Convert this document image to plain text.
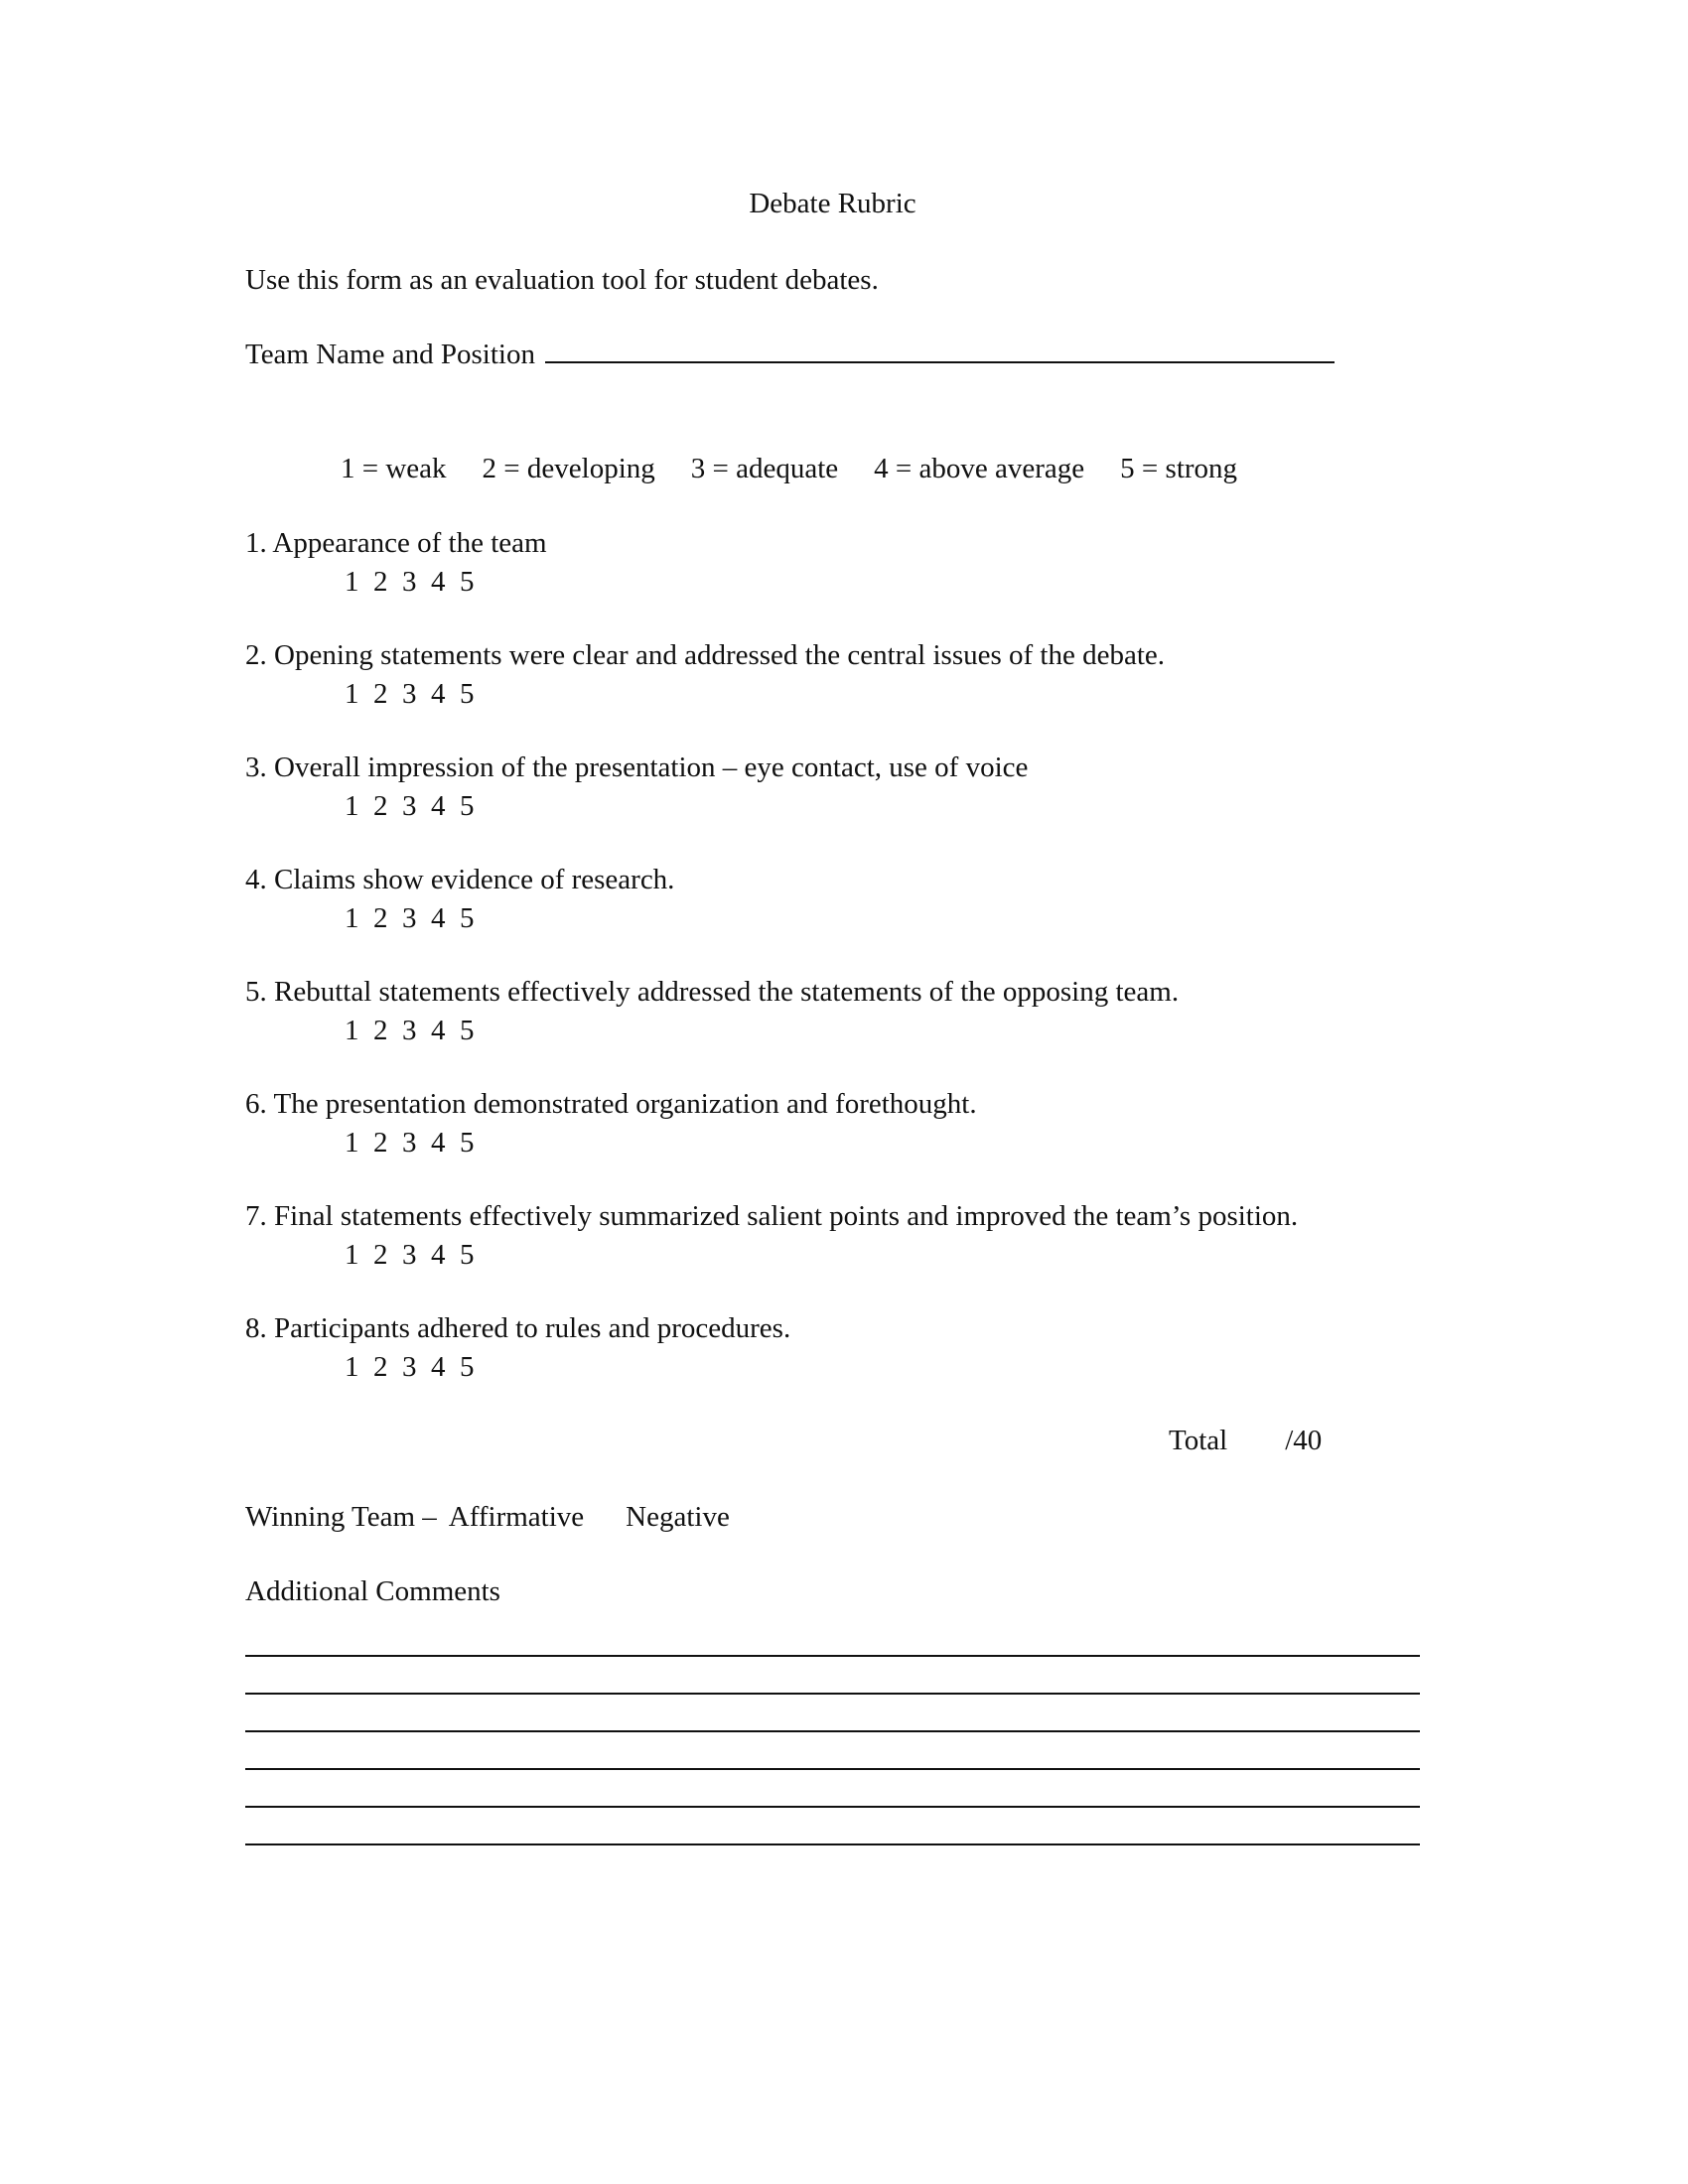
Debate Rubric
Use this form as an evaluation tool for student debates.
Team Name and Position
1 = weak 2 = developing 3 = adequate 4 = above average 5 = strong
1. Appearance of the team
1  2  3  4  5
2. Opening statements were clear and addressed the central issues of the debate.
1  2  3  4  5
3. Overall impression of the presentation – eye contact, use of voice
1  2  3  4  5
4. Claims show evidence of research.
1  2  3  4  5
5. Rebuttal statements effectively addressed the statements of the opposing team.
1  2  3  4  5
6. The presentation demonstrated organization and forethought.
1  2  3  4  5
7. Final statements effectively summarized salient points and improved the team’s position.
1  2  3  4  5
8. Participants adhered to rules and procedures.
1  2  3  4  5
Total /40
Winning Team – Affirmative Negative
Additional Comments
